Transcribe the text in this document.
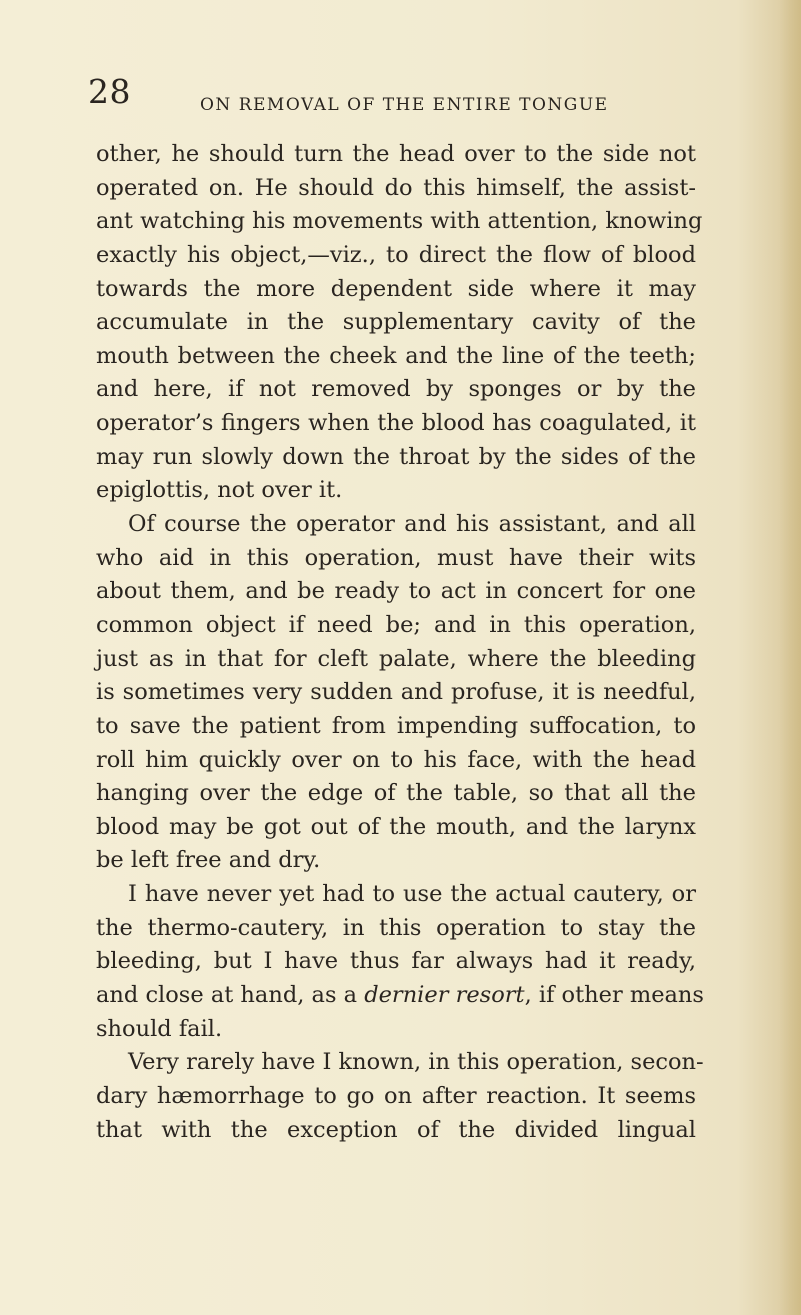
28	ON REMOVAL OF THE ENTIRE TONGUE
other, he should turn the head over to the side not
operated on. He should do this himself, the assist-
ant watching his movements with attention, knowing
exactly his object,—viz., to direct the flow of blood
towards the more dependent side where it may
accumulate in the supplementary cavity of the
mouth between the cheek and the line of the teeth;
and here, if not removed by sponges or by the
operator’s fingers when the blood has coagulated, it
may run slowly down the throat by the sides of the
epiglottis, not over it.
Of course the operator and his assistant, and all
who aid in this operation, must have their wits
about them, and be ready to act in concert for one
common object if need be; and in this operation,
just as in that for cleft palate, where the bleeding
is sometimes very sudden and profuse, it is needful,
to save the patient from impending suffocation, to
roll him quickly over on to his face, with the head
hanging over the edge of the table, so that all the
blood may be got out of the mouth, and the larynx
be left free and dry.
I have never yet had to use the actual cautery, or
the thermo-cautery, in this operation to stay the
bleeding, but I have thus far always had it ready,
and close at hand, as a dernier resort, if other means
should fail.
Very rarely have I known, in this operation, secon-
dary hæmorrhage to go on after reaction. It seems
that with the exception of the divided lingual
